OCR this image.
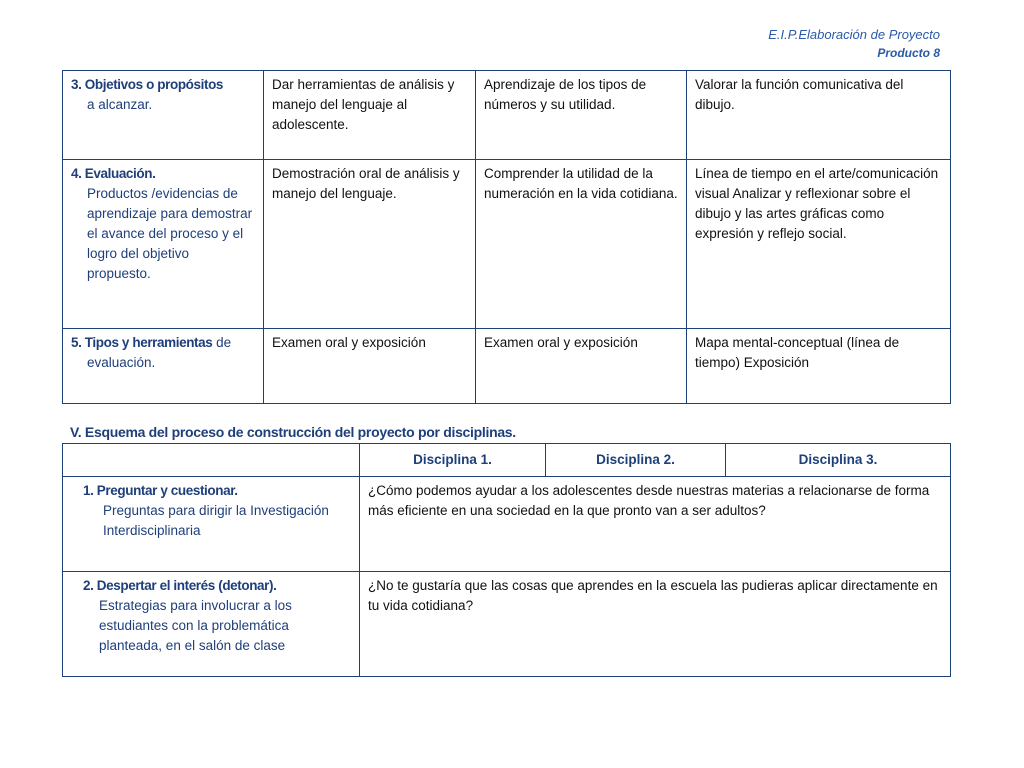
E.I.P.Elaboración de Proyecto
Producto 8
3. Objetivos o propósitos
a alcanzar.	Dar herramientas de análisis y manejo del lenguaje al adolescente.	Aprendizaje de los tipos de números y su utilidad.	Valorar la función comunicativa del dibujo.
4. Evaluación.
Productos /evidencias de aprendizaje para demostrar el avance del proceso y el logro del objetivo propuesto.	Demostración oral de análisis y manejo del lenguaje.	Comprender la utilidad de la numeración en la vida cotidiana.	Línea de tiempo en el arte/comunicación visual Analizar y reflexionar sobre el dibujo y las artes gráficas como expresión y reflejo social.
5. Tipos y herramientas de
evaluación.	Examen oral y exposición	Examen oral y exposición	Mapa mental-conceptual (línea de tiempo) Exposición
V. Esquema del proceso de construcción del proyecto por disciplinas.
	Disciplina 1.	Disciplina 2.	Disciplina 3.

1. Preguntar y cuestionar.
Preguntas para dirigir la Investigación Interdisciplinaria	¿Cómo podemos ayudar a los adolescentes desde nuestras materias a relacionarse de forma más eficiente en una sociedad en la que pronto van a ser adultos?		

2. Despertar el interés (detonar).
Estrategias para involucrar a los estudiantes con la problemática planteada, en el salón de clase	¿No te gustaría que las cosas que aprendes en la escuela las pudieras aplicar directamente en tu vida cotidiana?		
